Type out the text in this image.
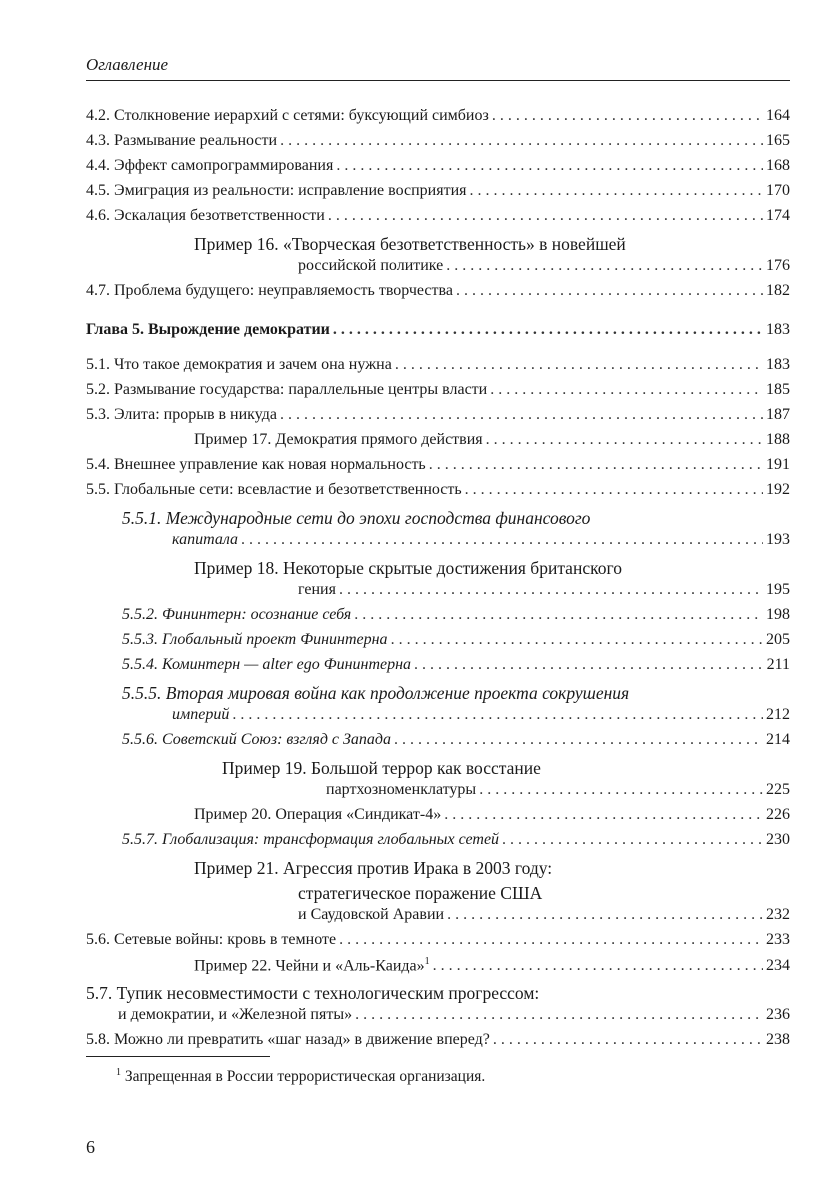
Оглавление
4.2. Столкновение иерархий с сетями: буксующий симбиоз . . .	164
4.3. Размывание реальности . . .	165
4.4. Эффект самопрограммирования . . .	168
4.5. Эмиграция из реальности: исправление восприятия . . .	170
4.6. Эскалация безответственности . . .	174
Пример 16. «Творческая безответственность» в новейшей
российской политике . . .	176
4.7. Проблема будущего: неуправляемость творчества . . .	182
Глава 5. Вырождение демократии . . .	183
5.1. Что такое демократия и зачем она нужна . . .	183
5.2. Размывание государства: параллельные центры власти . . .	185
5.3. Элита: прорыв в никуда . . .	187
Пример 17. Демократия прямого действия . . .	188
5.4. Внешнее управление как новая нормальность . . .	191
5.5. Глобальные сети: всевластие и безответственность . . .	192
5.5.1. Международные сети до эпохи господства финансового
капитала . . .	193
Пример 18. Некоторые скрытые достижения британского
гения . . .	195
5.5.2. Фининтерн: осознание себя . . .	198
5.5.3. Глобальный проект Фининтерна . . .	205
5.5.4. Коминтерн — alter ego Фининтерна . . .	211
5.5.5. Вторая мировая война как продолжение проекта сокрушения
империй . . .	212
5.5.6. Советский Союз: взгляд с Запада . . .	214
Пример 19. Большой террор как восстание
партхозноменклатуры . . .	225
Пример 20. Операция «Синдикат-4» . . .	226
5.5.7. Глобализация: трансформация глобальных сетей . . .	230
Пример 21. Агрессия против Ирака в 2003 году:
стратегическое поражение США
и Саудовской Аравии . . .	232
5.6. Сетевые войны: кровь в темноте . . .	233
Пример 22. Чейни и «Аль-Каида»$^1$ . . .	234
5.7. Тупик несовместимости с технологическим прогрессом:
и демократии, и «Железной пяты» . . .	236
5.8. Можно ли превратить «шаг назад» в движение вперед? . . .	238
$^1$ Запрещенная в России террористическая организация.
6
